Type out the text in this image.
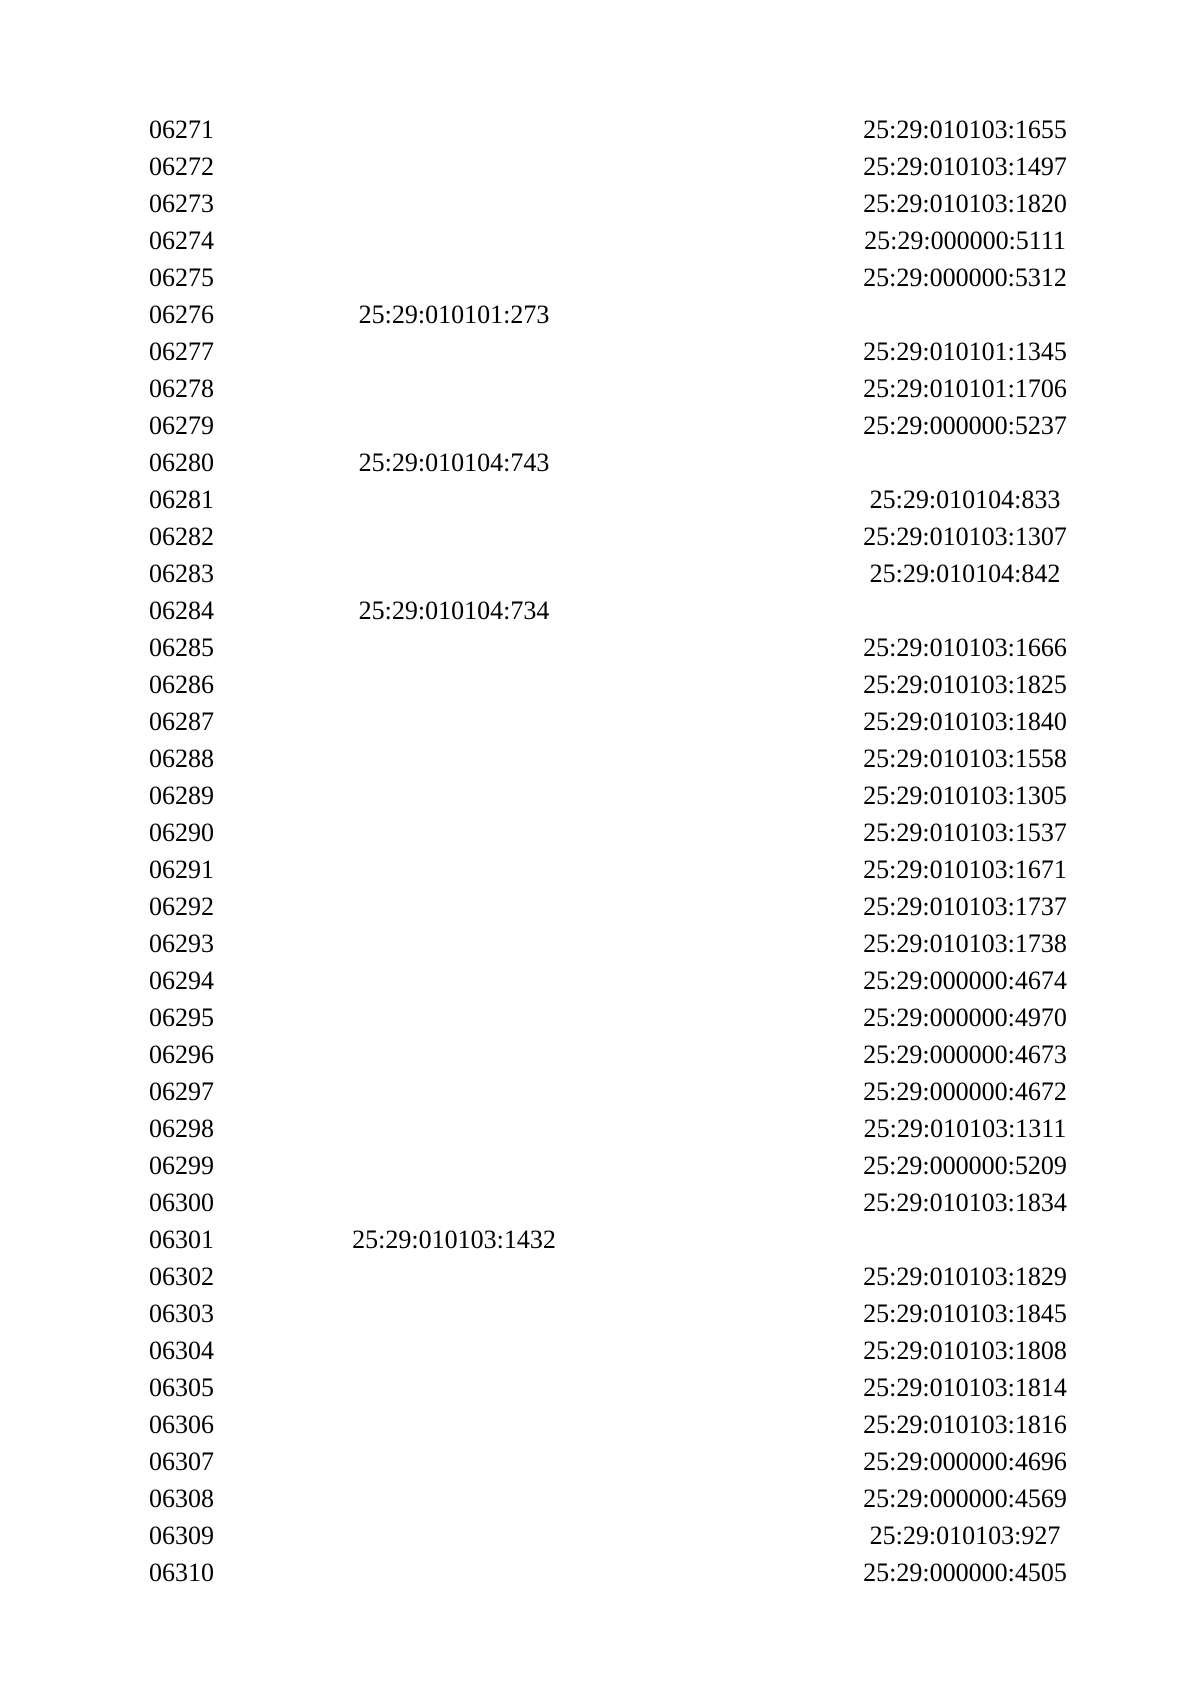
06271	25:29:010103:1655
06272	25:29:010103:1497
06273	25:29:010103:1820
06274	25:29:000000:5111
06275	25:29:000000:5312
06276	25:29:010101:273
06277	25:29:010101:1345
06278	25:29:010101:1706
06279	25:29:000000:5237
06280	25:29:010104:743
06281	25:29:010104:833
06282	25:29:010103:1307
06283	25:29:010104:842
06284	25:29:010104:734
06285	25:29:010103:1666
06286	25:29:010103:1825
06287	25:29:010103:1840
06288	25:29:010103:1558
06289	25:29:010103:1305
06290	25:29:010103:1537
06291	25:29:010103:1671
06292	25:29:010103:1737
06293	25:29:010103:1738
06294	25:29:000000:4674
06295	25:29:000000:4970
06296	25:29:000000:4673
06297	25:29:000000:4672
06298	25:29:010103:1311
06299	25:29:000000:5209
06300	25:29:010103:1834
06301	25:29:010103:1432
06302	25:29:010103:1829
06303	25:29:010103:1845
06304	25:29:010103:1808
06305	25:29:010103:1814
06306	25:29:010103:1816
06307	25:29:000000:4696
06308	25:29:000000:4569
06309	25:29:010103:927
06310	25:29:000000:4505
